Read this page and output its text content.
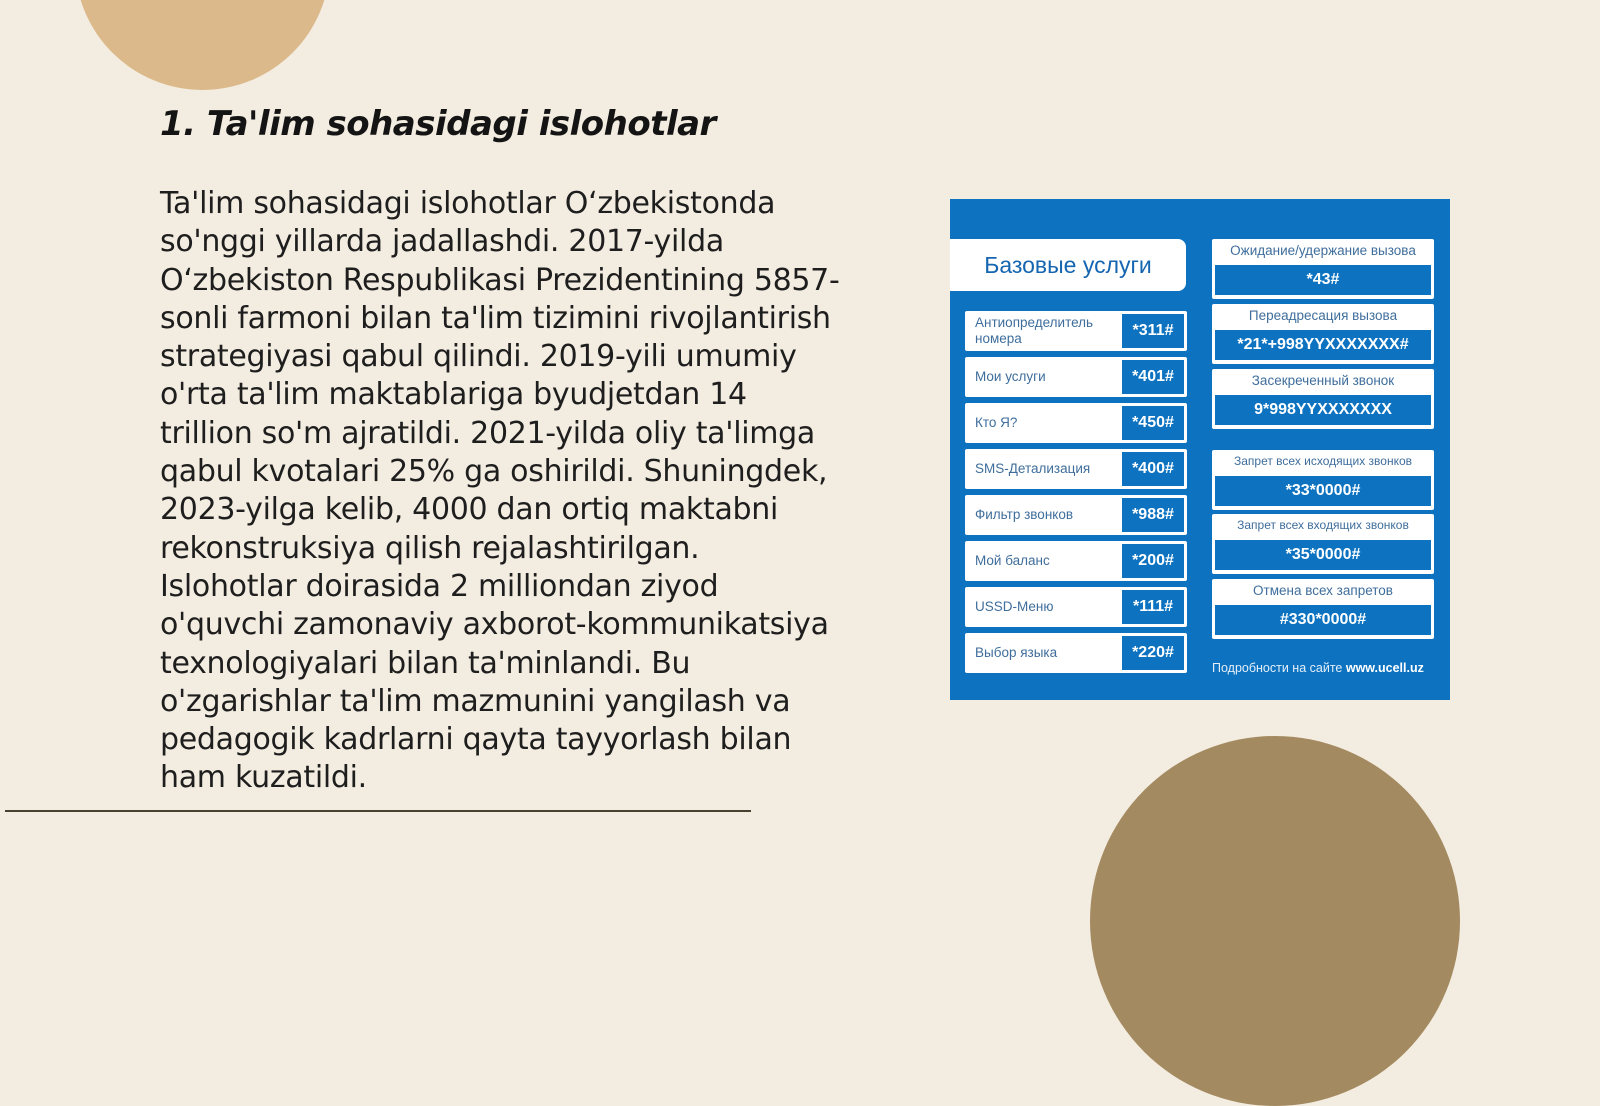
1. Ta'lim sohasidagi islohotlar

Ta'lim sohasidagi islohotlar O‘zbekistonda so'nggi yillarda jadallashdi. 2017-yilda O‘zbekiston Respublikasi Prezidentining 5857-sonli farmoni bilan ta'lim tizimini rivojlantirish strategiyasi qabul qilindi. 2019-yili umumiy o'rta ta'lim maktablariga byudjetdan 14 trillion so'm ajratildi. 2021-yilda oliy ta'limga qabul kvotalari 25% ga oshirildi. Shuningdek, 2023-yilga kelib, 4000 dan ortiq maktabni rekonstruksiya qilish rejalashtirilgan. Islohotlar doirasida 2 milliondan ziyod o'quvchi zamonaviy axborot-kommunikatsiya texnologiyalari bilan ta'minlandi. Bu o'zgarishlar ta'lim mazmunini yangilash va pedagogik kadrlarni qayta tayyorlash bilan ham kuzatildi.

Базовые услуги
Антиопределитель номера	*311#
Мои услуги	*401#
Кто Я?	*450#
SMS-Детализация	*400#
Фильтр звонков	*988#
Мой баланс	*200#
USSD-Меню	*111#
Выбор языка	*220#
Ожидание/удержание вызова
*43#
Переадресация вызова
*21*+998YYXXXXXXX#
Засекреченный звонок
9*998YYXXXXXXX
Запрет всех исходящих звонков
*33*0000#
Запрет всех входящих звонков
*35*0000#
Отмена всех запретов
#330*0000#
Подробности на сайте www.ucell.uz
